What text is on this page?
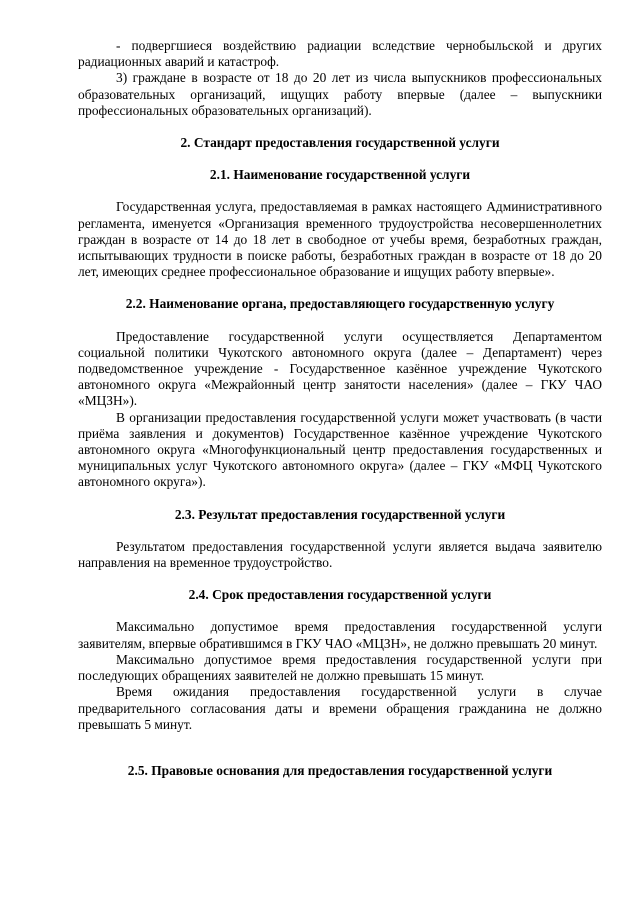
- подвергшиеся воздействию радиации вследствие чернобыльской и других радиационных аварий и катастроф.

3) граждане в возрасте от 18 до 20 лет из числа выпускников профессиональных образовательных организаций, ищущих работу впервые (далее – выпускники профессиональных образовательных организаций).

2. Стандарт предоставления государственной услуги

2.1. Наименование государственной услуги

Государственная услуга, предоставляемая в рамках настоящего Административного регламента, именуется «Организация временного трудоустройства несовершеннолетних граждан в возрасте от 14 до 18 лет в свободное от учебы время, безработных граждан, испытывающих трудности в поиске работы, безработных граждан в возрасте от 18 до 20 лет, имеющих среднее профессиональное образование и ищущих работу впервые».

2.2. Наименование органа, предоставляющего государственную услугу

Предоставление государственной услуги осуществляется Департаментом социальной политики Чукотского автономного округа (далее – Департамент) через подведомственное учреждение - Государственное казённое учреждение Чукотского автономного округа «Межрайонный центр занятости населения» (далее – ГКУ ЧАО «МЦЗН»).

В организации предоставления государственной услуги может участвовать (в части приёма заявления и документов) Государственное казённое учреждение Чукотского автономного округа «Многофункциональный центр предоставления государственных и муниципальных услуг Чукотского автономного округа» (далее – ГКУ «МФЦ Чукотского автономного округа»).

2.3. Результат предоставления государственной услуги

Результатом предоставления государственной услуги является выдача заявителю направления на временное трудоустройство.

2.4. Срок предоставления государственной услуги

Максимально допустимое время предоставления государственной услуги заявителям, впервые обратившимся в ГКУ ЧАО «МЦЗН», не должно превышать 20 минут.

Максимально допустимое время предоставления государственной услуги при последующих обращениях заявителей не должно превышать 15 минут.

Время ожидания предоставления государственной услуги в случае предварительного согласования даты и времени обращения гражданина не должно превышать 5 минут.

2.5. Правовые основания для предоставления государственной услуги
